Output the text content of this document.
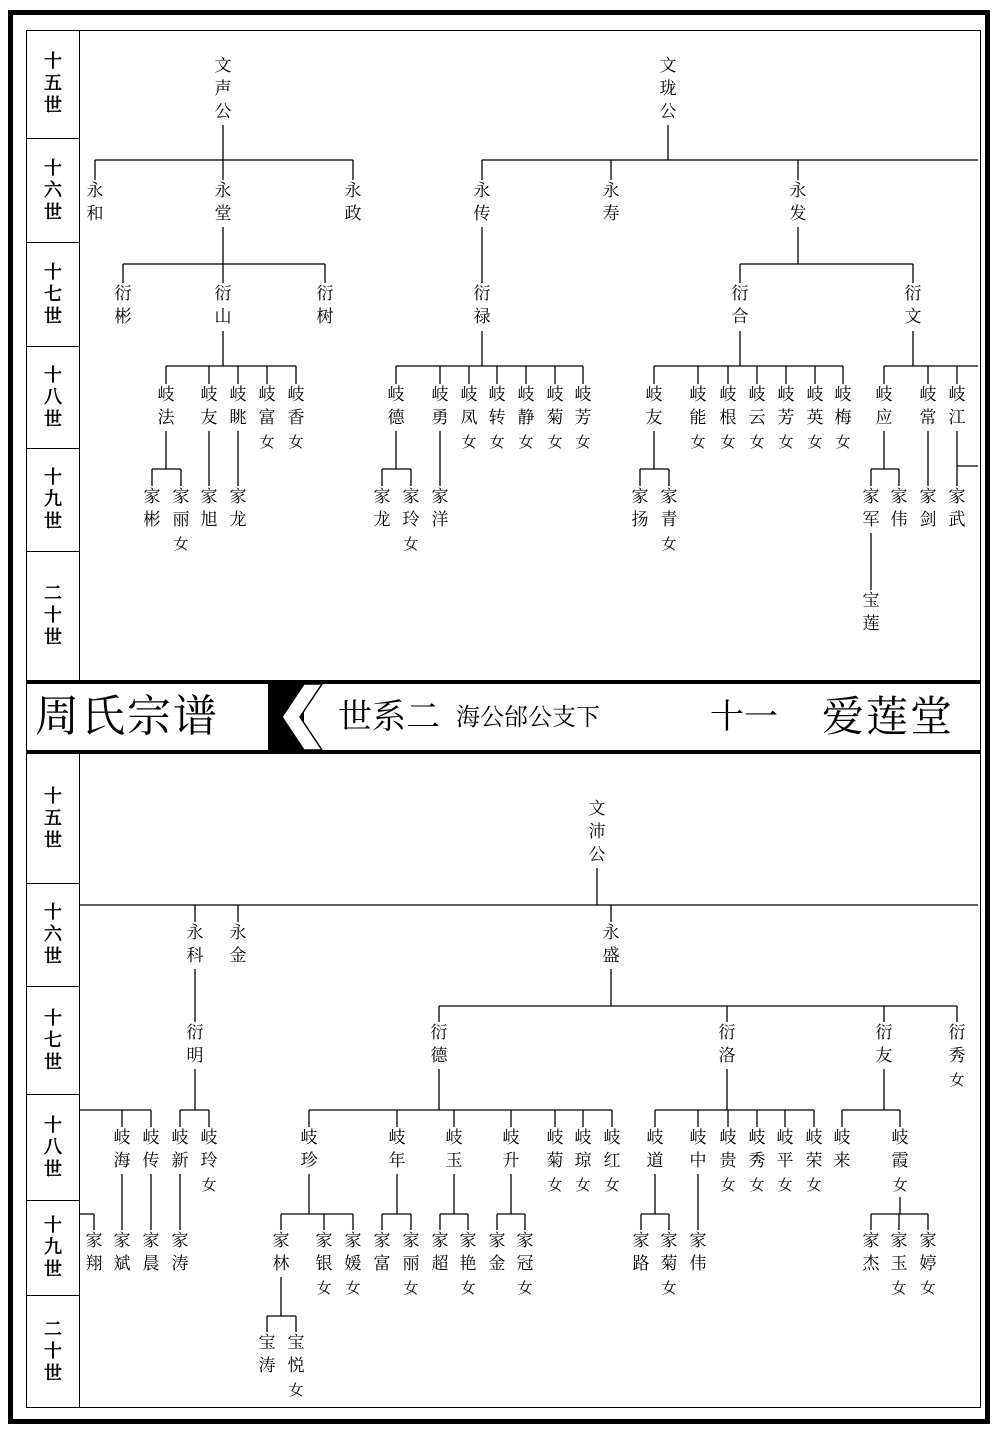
十
五
世
十
六
世
十
七
世
十
八
世
十
九
世
二
十
世
十
五
世
十
六
世
十
七
世
十
八
世
十
九
世
二
十
世
周氏宗谱	世系二 海公邰公支下	十一 爱莲堂
文
声
公
永
和
永
堂
永
政
衍
彬
衍
山
衍
树
岐
法
岐
友
岐
眺
岐
富
女
岐
香
女
家
彬
家
丽
女
家
旭
家
龙
文
珑
公
永
传
永
寿
永
发
衍
禄
衍
合
衍
文
岐
德
岐
勇
岐
凤
女
岐
转
女
岐
静
女
岐
菊
女
岐
芳
女
家
龙
家
玲
女
家
洋
岐
友
岐
能
女
岐
根
女
岐
云
女
岐
芳
女
岐
英
女
岐
梅
女
家
扬
家
青
女
岐
应
岐
常
岐
江
家
军
家
伟
家
剑
家
武
宝
莲
文
沛
公
永
科
永
金
永
盛
衍
明
衍
德
衍
洛
衍
友
衍
秀
女
岐
海
岐
传
岐
新
岐
玲
女
家
翔
家
斌
家
晨
家
涛
岐
珍
岐
年
岐
玉
岐
升
岐
菊
女
岐
琼
女
岐
红
女
家
林
家
银
女
家
媛
女
家
富
家
丽
女
家
超
家
艳
女
家
金
家
冠
女
宝
涛
宝
悦
女
岐
道
岐
中
岐
贵
女
岐
秀
女
岐
平
女
岐
荣
女
家
路
家
菊
女
家
伟
岐
来
岐
霞
女
家
杰
家
玉
女
家
婷
女
